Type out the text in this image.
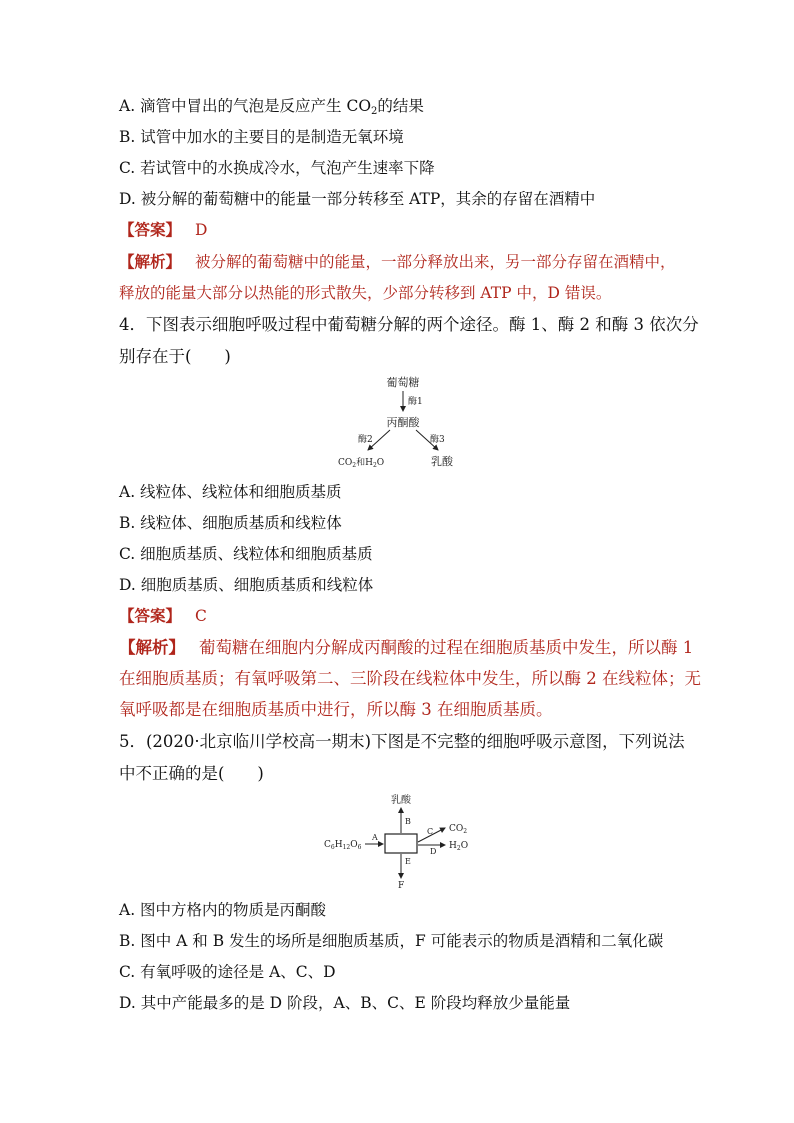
A. 滴管中冒出的气泡是反应产生 $CO_2$的结果
B. 试管中加水的主要目的是制造无氧环境
C. 若试管中的水换成冷水，气泡产生速率下降
D. 被分解的葡萄糖中的能量一部分转移至 ATP，其余的存留在酒精中
【答案】 D
【解析】 被分解的葡萄糖中的能量，一部分释放出来，另一部分存留在酒精中，
释放的能量大部分以热能的形式散失，少部分转移到 ATP 中，D 错误。
4．下图表示细胞呼吸过程中葡萄糖分解的两个途径。酶 1、酶 2 和酶 3 依次分
别存在于(　　)
葡萄糖
酶1
丙酮酸
酶2	酶3
$CO_2$和$H_2O$	乳酸
A. 线粒体、线粒体和细胞质基质
B. 线粒体、细胞质基质和线粒体
C. 细胞质基质、线粒体和细胞质基质
D. 细胞质基质、细胞质基质和线粒体
【答案】 C
【解析】 葡萄糖在细胞内分解成丙酮酸的过程在细胞质基质中发生，所以酶 1
在细胞质基质；有氧呼吸第二、三阶段在线粒体中发生，所以酶 2 在线粒体；无
氧呼吸都是在细胞质基质中进行，所以酶 3 在细胞质基质。
5．(2020·北京临川学校高一期末)下图是不完整的细胞呼吸示意图，下列说法
中不正确的是(　　)
乳酸
$C_6H_{12}O_6$
A
B
E
F
C $CO_2$
D
$H_2O$
A. 图中方格内的物质是丙酮酸
B. 图中 A 和 B 发生的场所是细胞质基质，F 可能表示的物质是酒精和二氧化碳
C. 有氧呼吸的途径是 A、C、D
D. 其中产能最多的是 D 阶段，A、B、C、E 阶段均释放少量能量
